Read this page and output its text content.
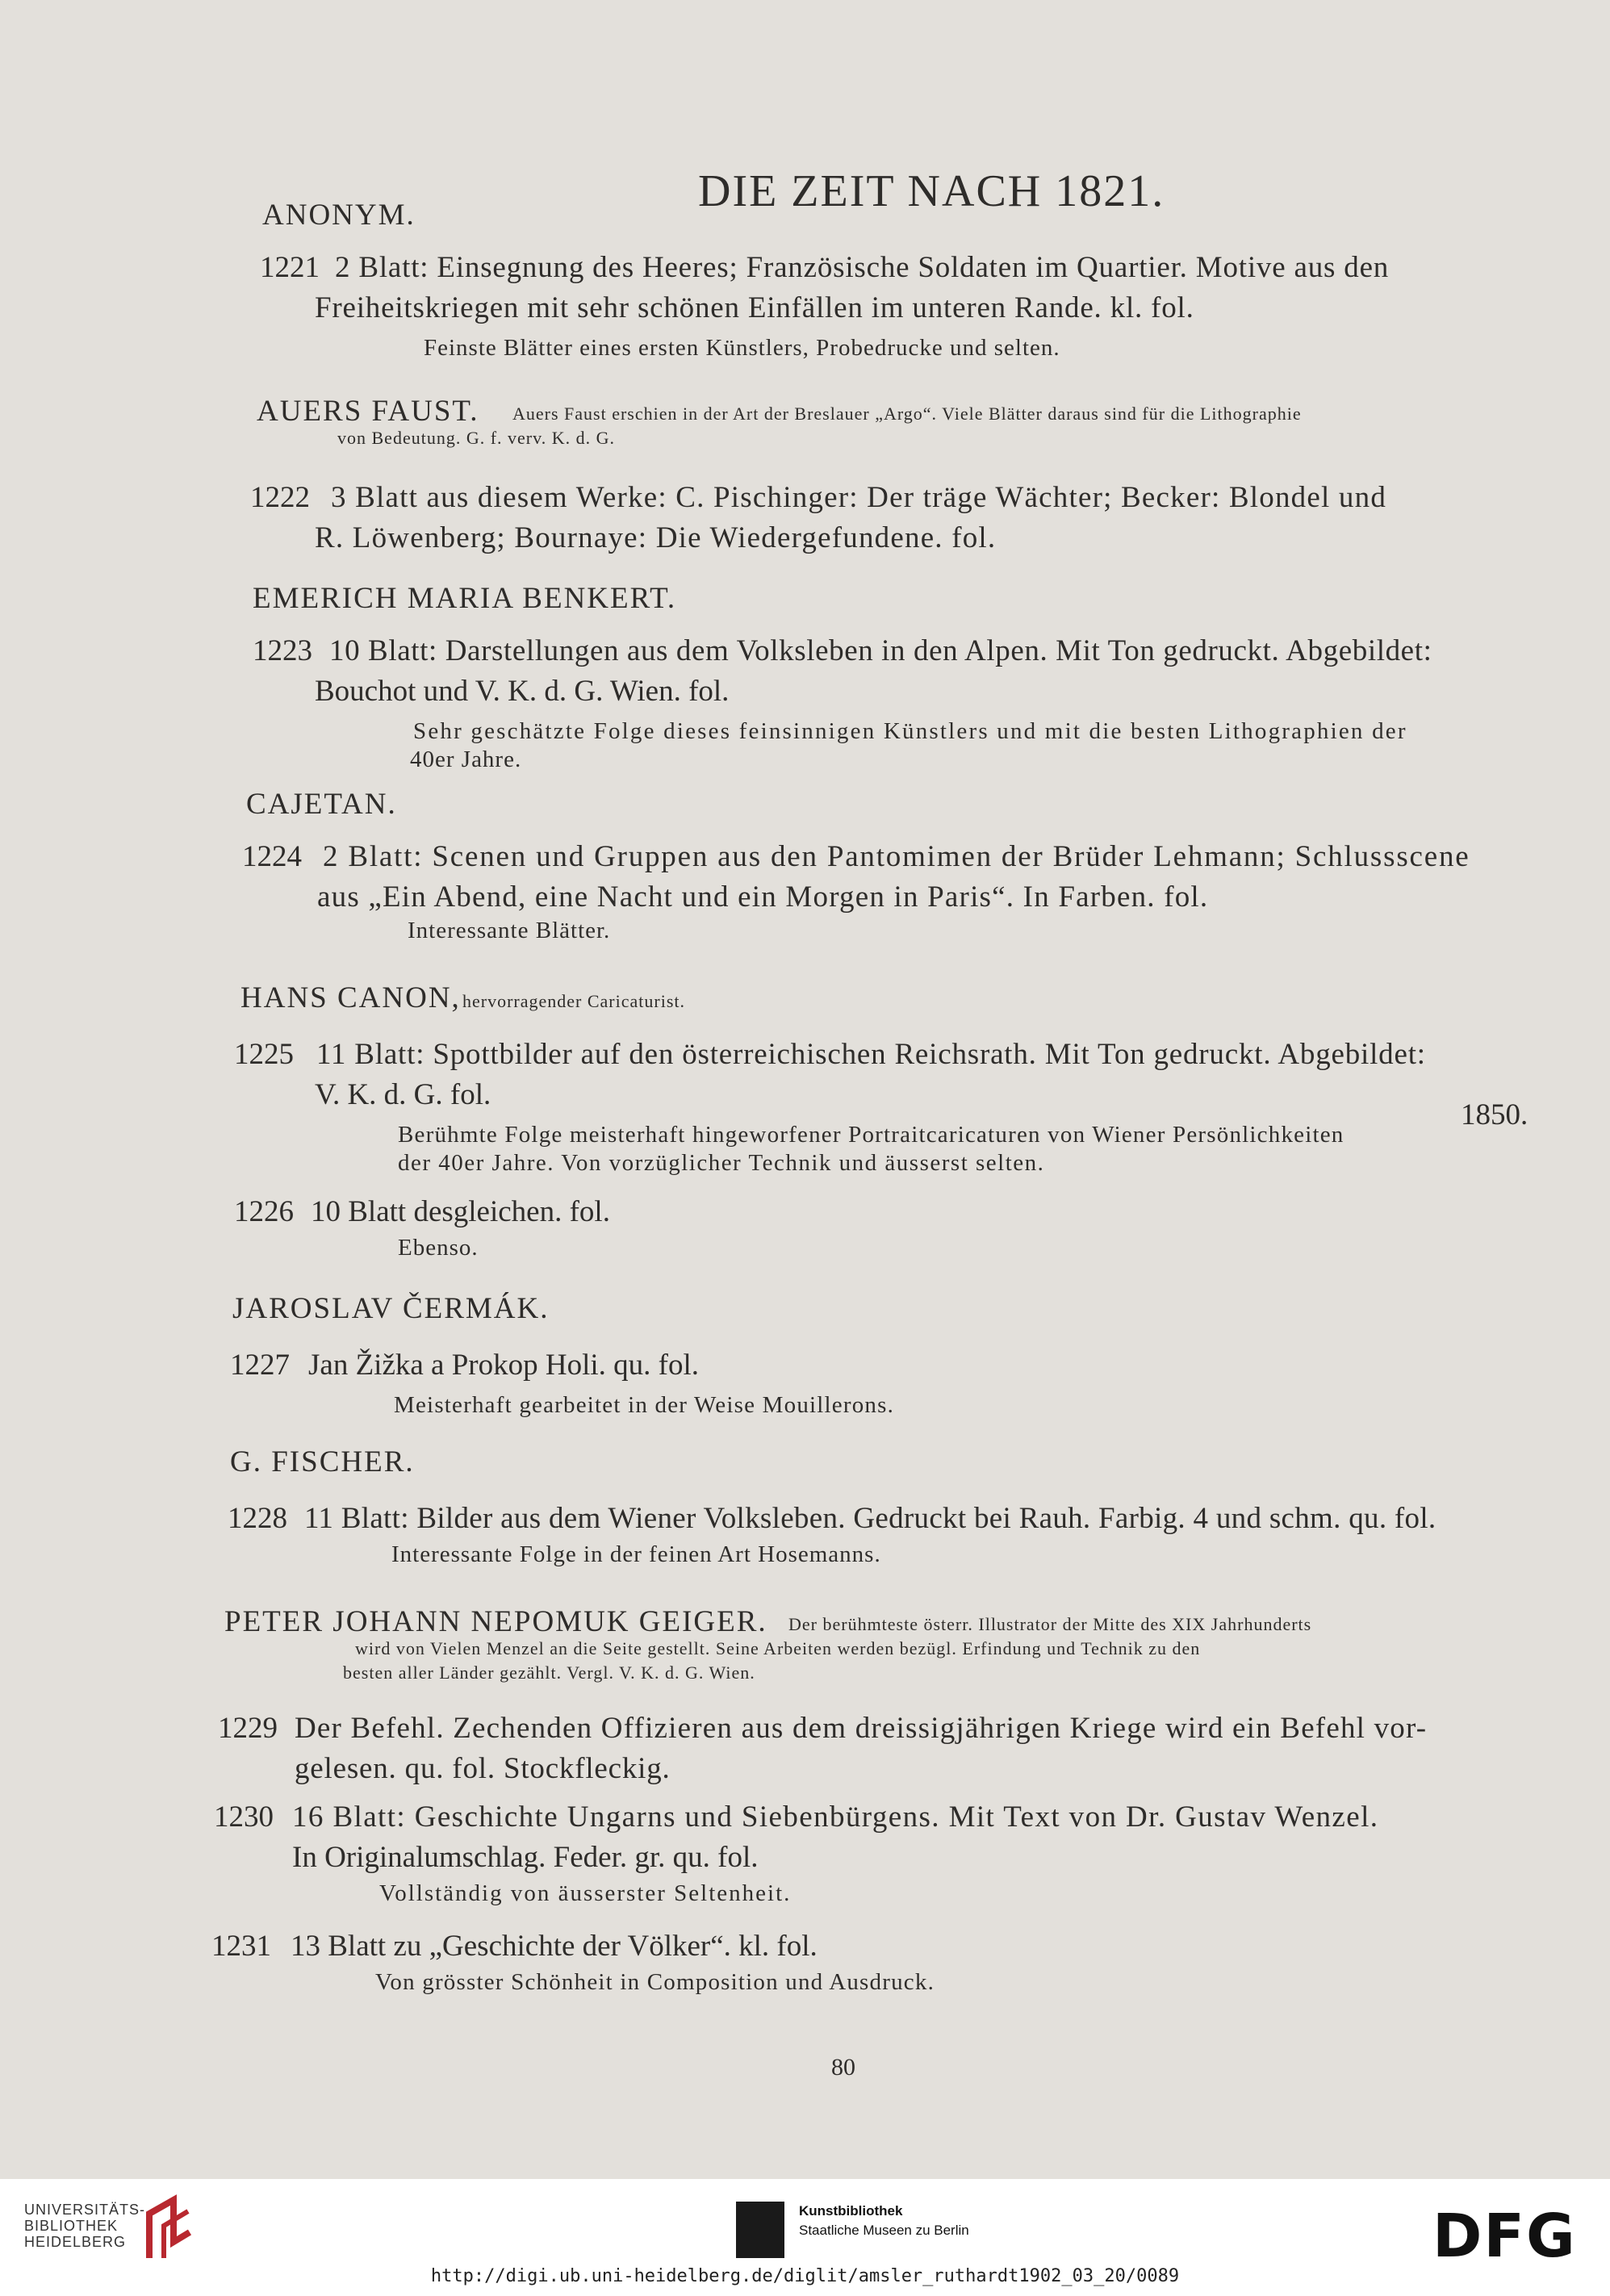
DIE ZEIT NACH 1821.
ANONYM.
1221 2 Blatt: Einsegnung des Heeres; Französische Soldaten im Quartier. Motive aus den
Freiheitskriegen mit sehr schönen Einfällen im unteren Rande. kl. fol.
Feinste Blätter eines ersten Künstlers, Probedrucke und selten.
AUERS FAUST. Auers Faust erschien in der Art der Breslauer „Argo“. Viele Blätter daraus sind für die Lithographie
von Bedeutung. G. f. verv. K. d. G.
1222 3 Blatt aus diesem Werke: C. Pischinger: Der träge Wächter; Becker: Blondel und
R. Löwenberg; Bournaye: Die Wiedergefundene. fol.
EMERICH MARIA BENKERT.
1223 10 Blatt: Darstellungen aus dem Volksleben in den Alpen. Mit Ton gedruckt. Abgebildet:
Bouchot und V. K. d. G. Wien. fol.
Sehr geschätzte Folge dieses feinsinnigen Künstlers und mit die besten Lithographien der
40er Jahre.
CAJETAN.
1224 2 Blatt: Scenen und Gruppen aus den Pantomimen der Brüder Lehmann; Schlussscene
aus „Ein Abend, eine Nacht und ein Morgen in Paris“. In Farben. fol.
Interessante Blätter.
HANS CANON, hervorragender Caricaturist.
1225 11 Blatt: Spottbilder auf den österreichischen Reichsrath. Mit Ton gedruckt. Abgebildet:
V. K. d. G. fol.
1850.
Berühmte Folge meisterhaft hingeworfener Portraitcaricaturen von Wiener Persönlichkeiten
der 40er Jahre. Von vorzüglicher Technik und äusserst selten.
1226 10 Blatt desgleichen. fol.
Ebenso.
JAROSLAV ČERMÁK.
1227 Jan Žižka a Prokop Holi. qu. fol.
Meisterhaft gearbeitet in der Weise Mouillerons.
G. FISCHER.
1228 11 Blatt: Bilder aus dem Wiener Volksleben. Gedruckt bei Rauh. Farbig. 4 und schm. qu. fol.
Interessante Folge in der feinen Art Hosemanns.
PETER JOHANN NEPOMUK GEIGER. Der berühmteste österr. Illustrator der Mitte des XIX Jahrhunderts
wird von Vielen Menzel an die Seite gestellt. Seine Arbeiten werden bezügl. Erfindung und Technik zu den
besten aller Länder gezählt. Vergl. V. K. d. G. Wien.
1229 Der Befehl. Zechenden Offizieren aus dem dreissigjährigen Kriege wird ein Befehl vor-
gelesen. qu. fol. Stockfleckig.
1230 16 Blatt: Geschichte Ungarns und Siebenbürgens. Mit Text von Dr. Gustav Wenzel.
In Originalumschlag. Feder. gr. qu. fol.
Vollständig von äusserster Seltenheit.
1231 13 Blatt zu „Geschichte der Völker“. kl. fol.
Von grösster Schönheit in Composition und Ausdruck.
80
UNIVERSITÄTS-
BIBLIOTHEK
HEIDELBERG
Kunstbibliothek
Staatliche Museen zu Berlin	DFG
http://digi.ub.uni-heidelberg.de/diglit/amsler_ruthardt1902_03_20/0089
